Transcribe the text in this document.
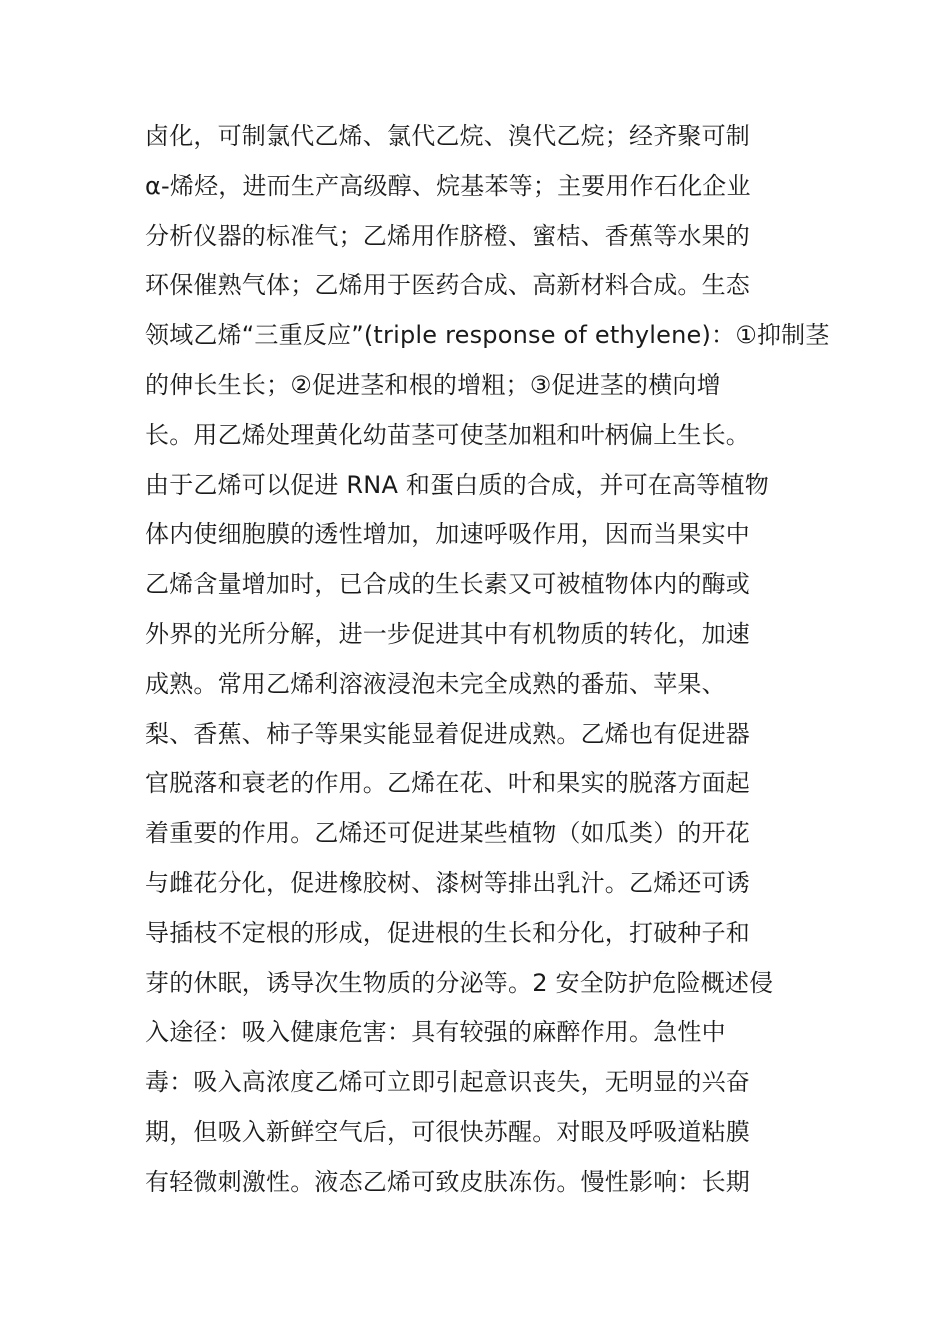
卤化，可制氯代乙烯、氯代乙烷、溴代乙烷；经齐聚可制
α-烯烃，进而生产高级醇、烷基苯等；主要用作石化企业
分析仪器的标准气；乙烯用作脐橙、蜜桔、香蕉等水果的
环保催熟气体；乙烯用于医药合成、高新材料合成。生态
领域乙烯“三重反应”(triple response of ethylene)：①抑制茎
的伸长生长；②促进茎和根的增粗；③促进茎的横向增
长。用乙烯处理黄化幼苗茎可使茎加粗和叶柄偏上生长。
由于乙烯可以促进 RNA 和蛋白质的合成，并可在高等植物
体内使细胞膜的透性增加，加速呼吸作用，因而当果实中
乙烯含量增加时，已合成的生长素又可被植物体内的酶或
外界的光所分解，进一步促进其中有机物质的转化，加速
成熟。常用乙烯利溶液浸泡未完全成熟的番茄、苹果、
梨、香蕉、柿子等果实能显着促进成熟。乙烯也有促进器
官脱落和衰老的作用。乙烯在花、叶和果实的脱落方面起
着重要的作用。乙烯还可促进某些植物（如瓜类）的开花
与雌花分化，促进橡胶树、漆树等排出乳汁。乙烯还可诱
导插枝不定根的形成，促进根的生长和分化，打破种子和
芽的休眠，诱导次生物质的分泌等。2 安全防护危险概述侵
入途径：吸入健康危害：具有较强的麻醉作用。急性中
毒：吸入高浓度乙烯可立即引起意识丧失，无明显的兴奋
期，但吸入新鲜空气后，可很快苏醒。对眼及呼吸道粘膜
有轻微刺激性。液态乙烯可致皮肤冻伤。慢性影响：长期
